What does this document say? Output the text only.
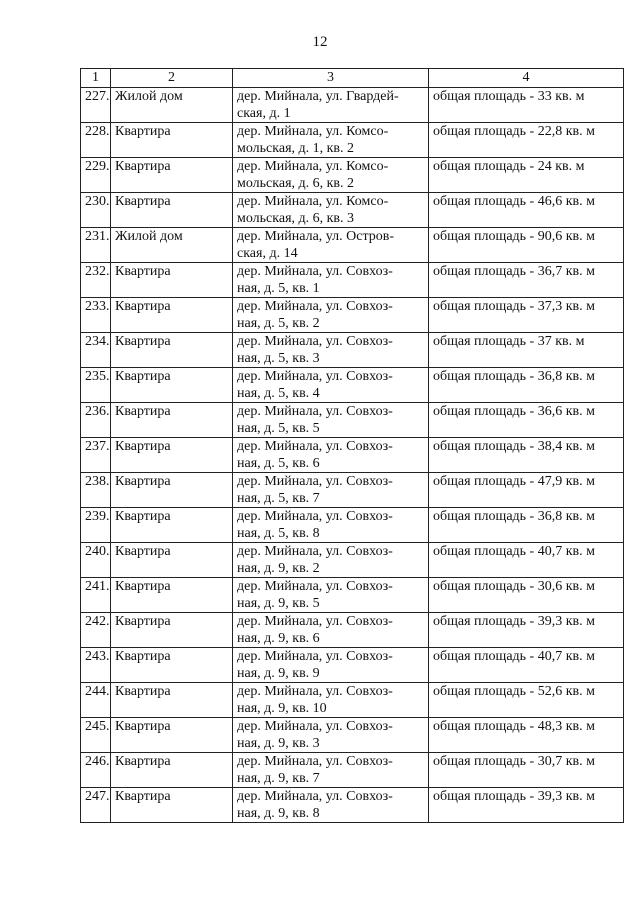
12
1	2	3	4
227.	Жилой дом	дер. Мийнала, ул. Гвардей-
ская, д. 1	общая площадь - 33 кв. м
228.	Квартира	дер. Мийнала, ул. Комсо-
мольская, д. 1, кв. 2	общая площадь - 22,8 кв. м
229.	Квартира	дер. Мийнала, ул. Комсо-
мольская, д. 6, кв. 2	общая площадь - 24 кв. м
230.	Квартира	дер. Мийнала, ул. Комсо-
мольская, д. 6, кв. 3	общая площадь - 46,6 кв. м
231.	Жилой дом	дер. Мийнала, ул. Остров-
ская, д. 14	общая площадь - 90,6 кв. м
232.	Квартира	дер. Мийнала, ул. Совхоз-
ная, д. 5, кв. 1	общая площадь - 36,7 кв. м
233.	Квартира	дер. Мийнала, ул. Совхоз-
ная, д. 5, кв. 2	общая площадь - 37,3 кв. м
234.	Квартира	дер. Мийнала, ул. Совхоз-
ная, д. 5, кв. 3	общая площадь - 37 кв. м
235.	Квартира	дер. Мийнала, ул. Совхоз-
ная, д. 5, кв. 4	общая площадь - 36,8 кв. м
236.	Квартира	дер. Мийнала, ул. Совхоз-
ная, д. 5, кв. 5	общая площадь - 36,6 кв. м
237.	Квартира	дер. Мийнала, ул. Совхоз-
ная, д. 5, кв. 6	общая площадь - 38,4 кв. м
238.	Квартира	дер. Мийнала, ул. Совхоз-
ная, д. 5, кв. 7	общая площадь - 47,9 кв. м
239.	Квартира	дер. Мийнала, ул. Совхоз-
ная, д. 5, кв. 8	общая площадь - 36,8 кв. м
240.	Квартира	дер. Мийнала, ул. Совхоз-
ная, д. 9, кв. 2	общая площадь - 40,7 кв. м
241.	Квартира	дер. Мийнала, ул. Совхоз-
ная, д. 9, кв. 5	общая площадь - 30,6 кв. м
242.	Квартира	дер. Мийнала, ул. Совхоз-
ная, д. 9, кв. 6	общая площадь - 39,3 кв. м
243.	Квартира	дер. Мийнала, ул. Совхоз-
ная, д. 9, кв. 9	общая площадь - 40,7 кв. м
244.	Квартира	дер. Мийнала, ул. Совхоз-
ная, д. 9, кв. 10	общая площадь - 52,6 кв. м
245.	Квартира	дер. Мийнала, ул. Совхоз-
ная, д. 9, кв. 3	общая площадь - 48,3 кв. м
246.	Квартира	дер. Мийнала, ул. Совхоз-
ная, д. 9, кв. 7	общая площадь - 30,7 кв. м
247.	Квартира	дер. Мийнала, ул. Совхоз-
ная, д. 9, кв. 8	общая площадь - 39,3 кв. м
